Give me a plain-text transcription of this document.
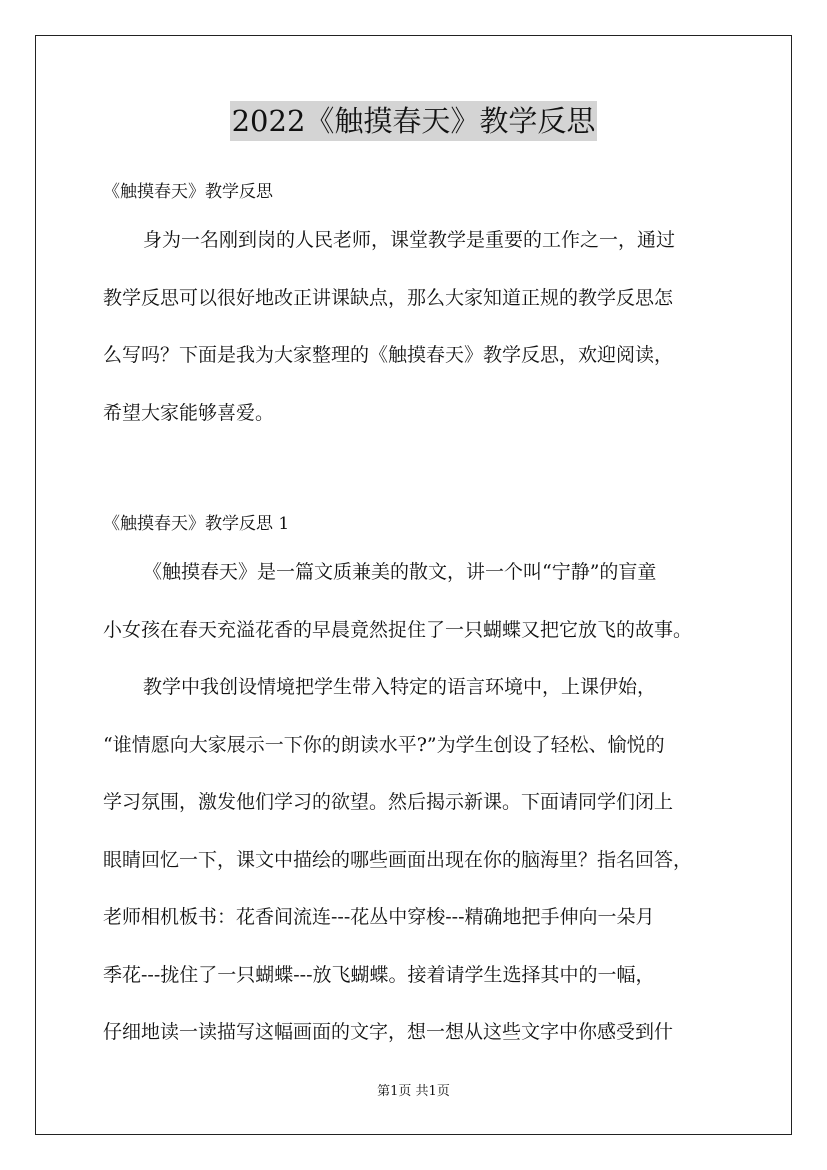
2022《触摸春天》教学反思
《触摸春天》教学反思
身为一名刚到岗的人民老师，课堂教学是重要的工作之一，通过
教学反思可以很好地改正讲课缺点，那么大家知道正规的教学反思怎
么写吗？下面是我为大家整理的《触摸春天》教学反思，欢迎阅读，
希望大家能够喜爱。
《触摸春天》教学反思 1
《触摸春天》是一篇文质兼美的散文，讲一个叫“宁静”的盲童
小女孩在春天充溢花香的早晨竟然捉住了一只蝴蝶又把它放飞的故事。
教学中我创设情境把学生带入特定的语言环境中，上课伊始，
“谁情愿向大家展示一下你的朗读水平?”为学生创设了轻松、愉悦的
学习氛围，激发他们学习的欲望。然后揭示新课。下面请同学们闭上
眼睛回忆一下，课文中描绘的哪些画面出现在你的脑海里？指名回答，
老师相机板书：花香间流连---花丛中穿梭---精确地把手伸向一朵月
季花---拢住了一只蝴蝶---放飞蝴蝶。接着请学生选择其中的一幅，
仔细地读一读描写这幅画面的文字，想一想从这些文字中你感受到什
第1页 共1页
